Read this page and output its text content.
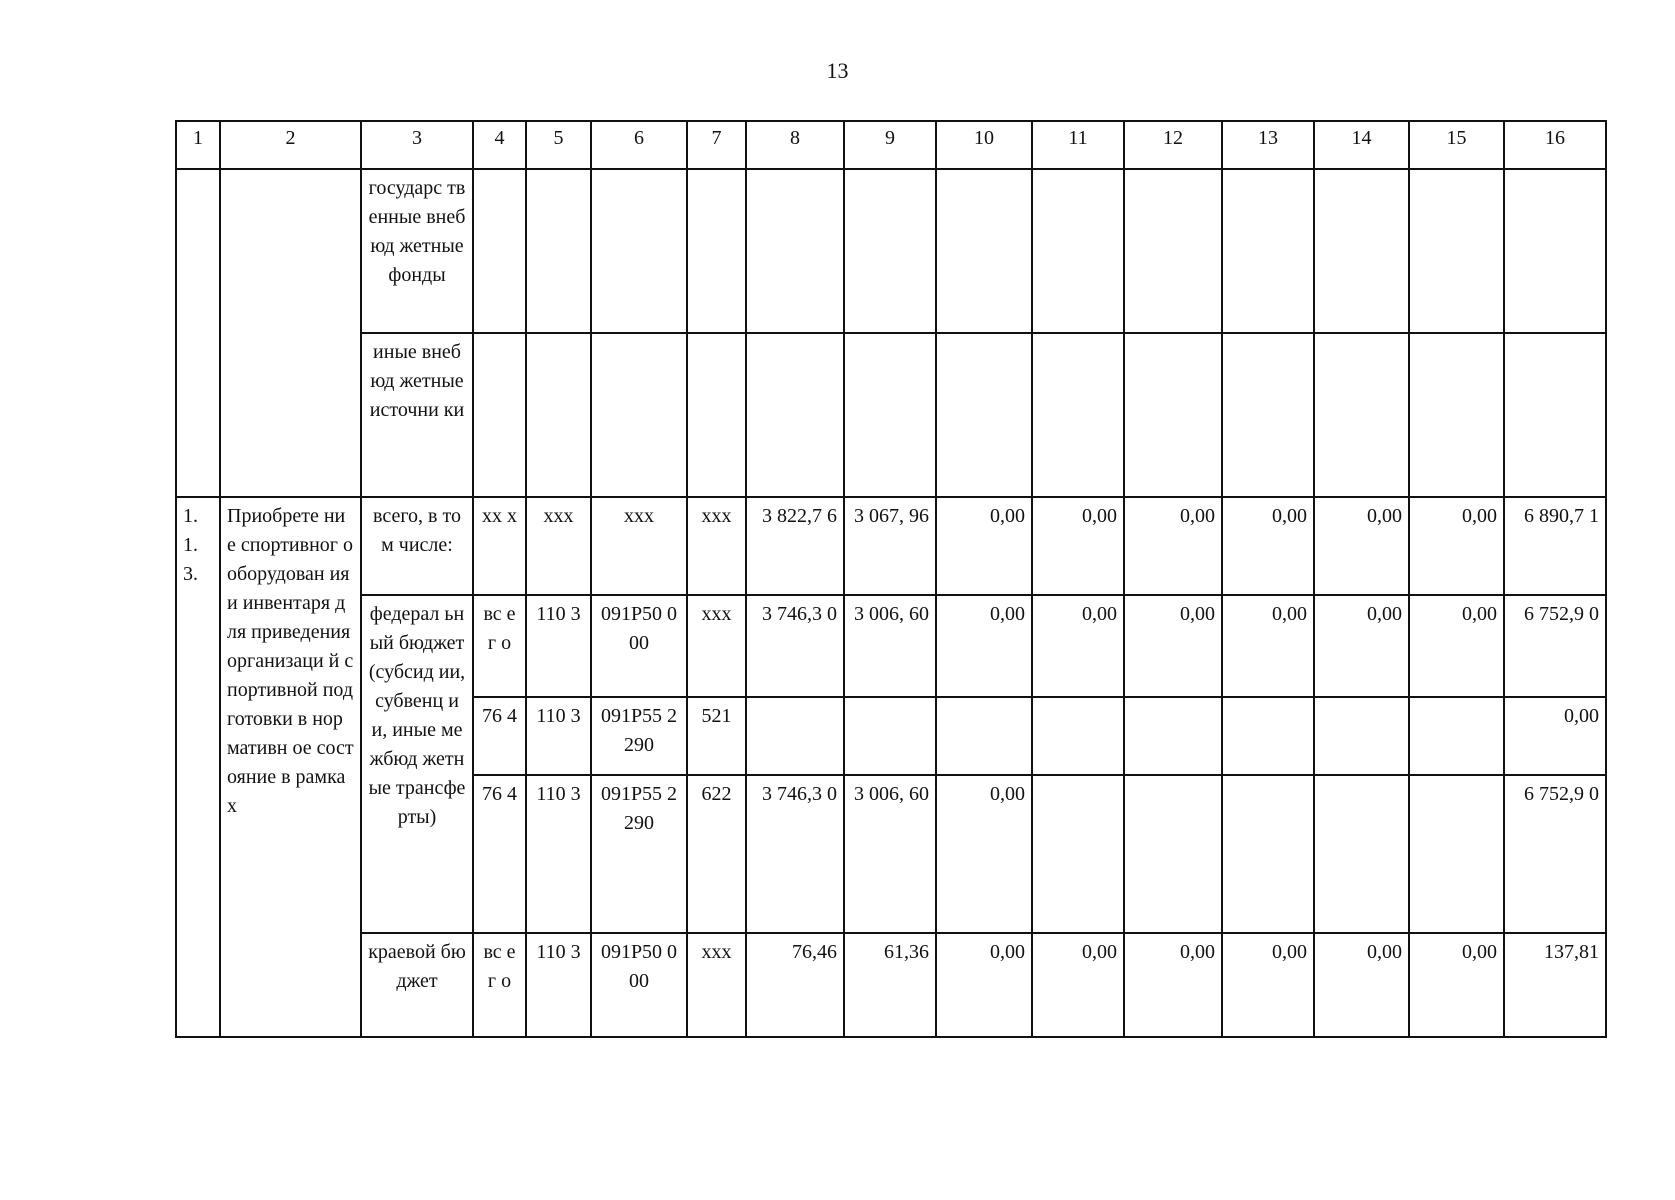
13
1	2	3	4	5	6	7	8	9	10	11	12	13	14	15	16	
		государс твенные внебюд жетные фонды														
		иные внебюд жетные источни ки														
1. 1. 3.	Приобрете ние спортивног о оборудован ия и инвентаря для приведения организаци й спортивной подготовки в нормативн ое состояние в рамках	всего, в том числе:	хх х	ххх	ххх	ххх	3 822,7 6	3 067, 96	0,00	0,00	0,00	0,00	0,00	0,00	6 890,7 1	
		федерал ьный бюджет (субсид ии, субвенц ии, иные межбюд жетные трансфе рты)	вс ег о	110 3	091Р50 000	ххх	3 746,3 0	3 006, 60	0,00	0,00	0,00	0,00	0,00	0,00	6 752,9 0	
			76 4	110 3	091Р55 2290	521									0,00	
			76 4	110 3	091Р55 2290	622	3 746,3 0	3 006, 60	0,00						6 752,9 0	
		краевой бюджет	вс ег о	110 3	091Р50 000	ххх	76,46	61,36	0,00	0,00	0,00	0,00	0,00	0,00	137,81	
